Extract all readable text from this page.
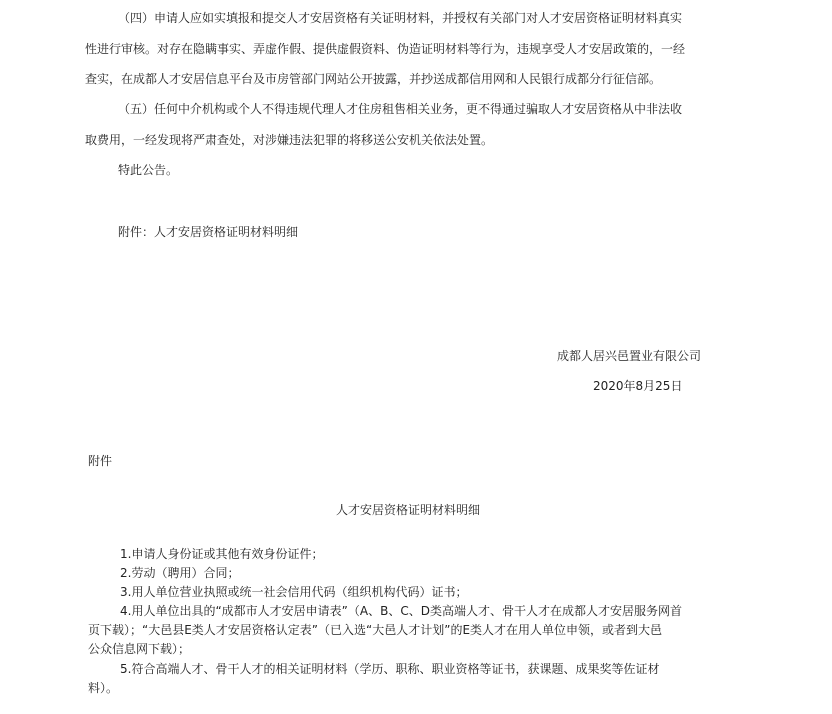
（四）申请人应如实填报和提交人才安居资格有关证明材料，并授权有关部门对人才安居资格证明材料真实
性进行审核。对存在隐瞒事实、弄虚作假、提供虚假资料、伪造证明材料等行为，违规享受人才安居政策的，一经
查实，在成都人才安居信息平台及市房管部门网站公开披露，并抄送成都信用网和人民银行成都分行征信部。
（五）任何中介机构或个人不得违规代理人才住房租售相关业务，更不得通过骗取人才安居资格从中非法收
取费用，一经发现将严肃查处，对涉嫌违法犯罪的将移送公安机关依法处置。
特此公告。
附件：人才安居资格证明材料明细
成都人居兴邑置业有限公司
2020年8月25日
附件
人才安居资格证明材料明细
1.申请人身份证或其他有效身份证件；
2.劳动（聘用）合同；
3.用人单位营业执照或统一社会信用代码（组织机构代码）证书；
4.用人单位出具的“成都市人才安居申请表”（A、B、C、D类高端人才、骨干人才在成都人才安居服务网首
页下载）；“大邑县E类人才安居资格认定表”（已入选“大邑人才计划”的E类人才在用人单位申领，或者到大邑
公众信息网下载）；
5.符合高端人才、骨干人才的相关证明材料（学历、职称、职业资格等证书，获课题、成果奖等佐证材
料）。
